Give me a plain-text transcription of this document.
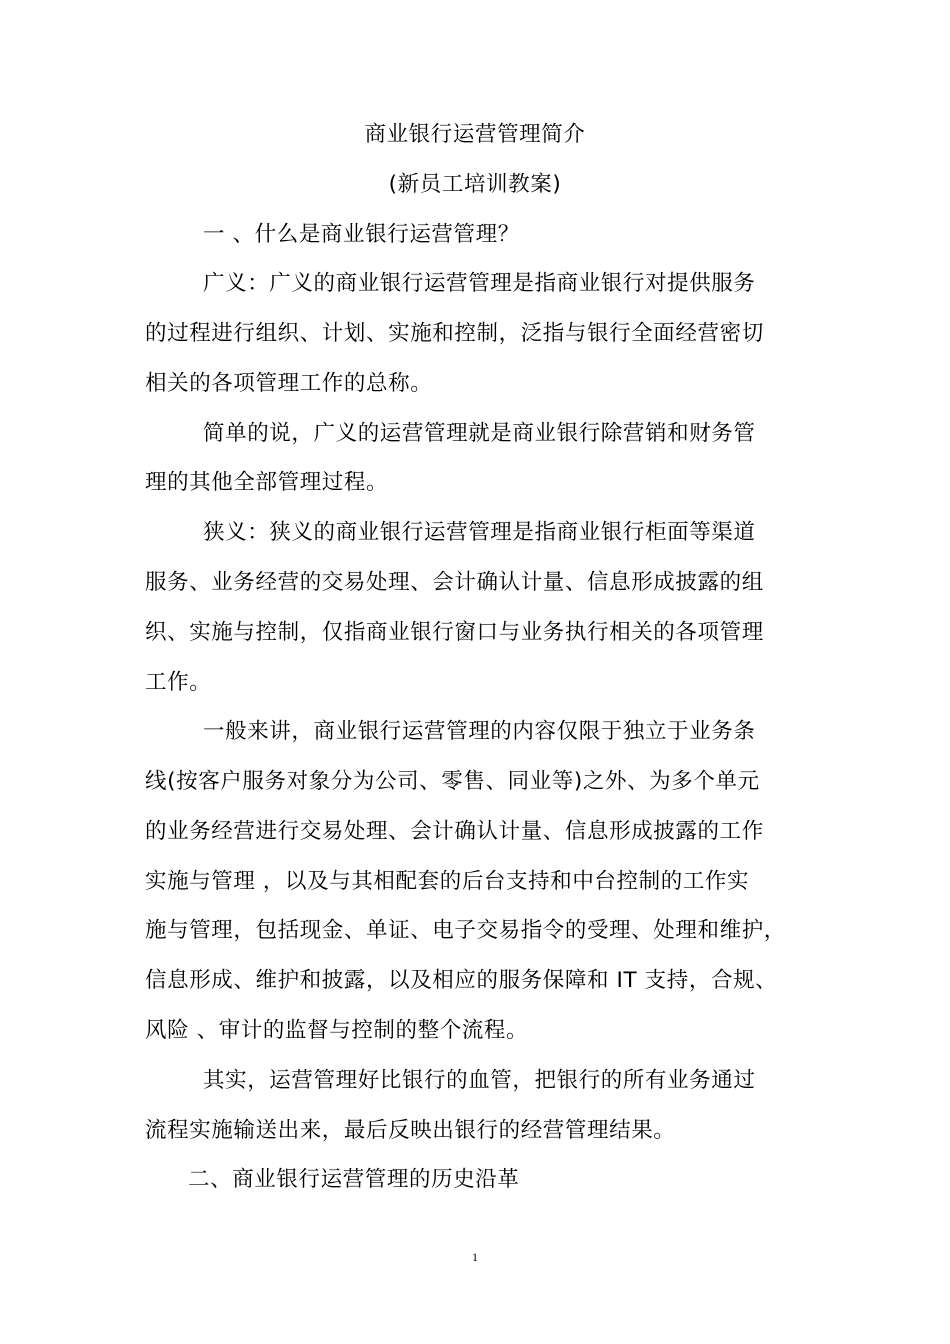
商业银行运营管理简介
(新员工培训教案)
一 、什么是商业银行运营管理？
广义：广义的商业银行运营管理是指商业银行对提供服务
的过程进行组织、计划、实施和控制，泛指与银行全面经营密切
相关的各项管理工作的总称。
简单的说，广义的运营管理就是商业银行除营销和财务管
理的其他全部管理过程。
狭义：狭义的商业银行运营管理是指商业银行柜面等渠道
服务、业务经营的交易处理、会计确认计量、信息形成披露的组
织、实施与控制，仅指商业银行窗口与业务执行相关的各项管理
工作。
一般来讲，商业银行运营管理的内容仅限于独立于业务条
线(按客户服务对象分为公司、零售、同业等)之外、为多个单元
的业务经营进行交易处理、会计确认计量、信息形成披露的工作
实施与管理 ，以及与其相配套的后台支持和中台控制的工作实
施与管理，包括现金、单证、电子交易指令的受理、处理和维护，
信息形成、维护和披露，以及相应的服务保障和 IT 支持，合规、
风险 、审计的监督与控制的整个流程。
其实，运营管理好比银行的血管，把银行的所有业务通过
流程实施输送出来，最后反映出银行的经营管理结果。
二、商业银行运营管理的历史沿革
1
